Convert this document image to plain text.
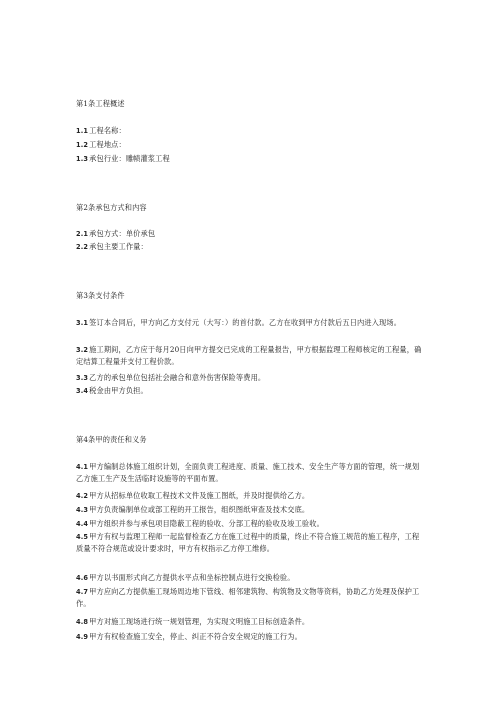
第1条工程概述
1.1工程名称：
1.2工程地点：
1.3承包行业：雕帻灌浆工程
第2条承包方式和内容
2.1承包方式：单价承包
2.2承包主要工作量：
第3条支付条件
3.1签订本合同后，甲方向乙方支付元（大写：）的首付款。乙方在收到甲方付款后五日内进入现场。
3.2施工期间，乙方应于每月20日向甲方提交已完成的工程量报告，甲方根据监理工程师核定的工程量，确定结算工程量并支付工程价款。
3.3乙方的承包单位包括社会融合和意外伤害保险等费用。
3.4税金由甲方负担。
第4条甲的责任和义务
4.1甲方编制总体施工组织计划，全面负责工程进度、质量、施工技术、安全生产等方面的管理，统一规划乙方施工生产及生活临时设施等的平面布置。
4.2甲方从招标单位收取工程技术文件及施工图纸，并及时提供给乙方。
4.3甲方负责编制单位或部工程的开工报告，组织图纸审查及技术交底。
4.4甲方组织并参与承包项目隐蔽工程的验收、分部工程的验收及竣工验收。
4.5甲方有权与监理工程师一起监督检查乙方在施工过程中的质量，终止不符合施工规范的施工程序，工程质量不符合规范或设计要求时，甲方有权指示乙方停工维修。
4.6甲方以书面形式向乙方提供水平点和坐标控制点进行交换检验。
4.7甲方应向乙方提供施工现场周边地下管线、相邻建筑物、构筑物及文物等资料，协助乙方处理及保护工作。
4.8甲方对施工现场进行统一规划管理，为实现文明施工目标创造条件。
4.9甲方有权检查施工安全，停止、纠正不符合安全规定的施工行为。
